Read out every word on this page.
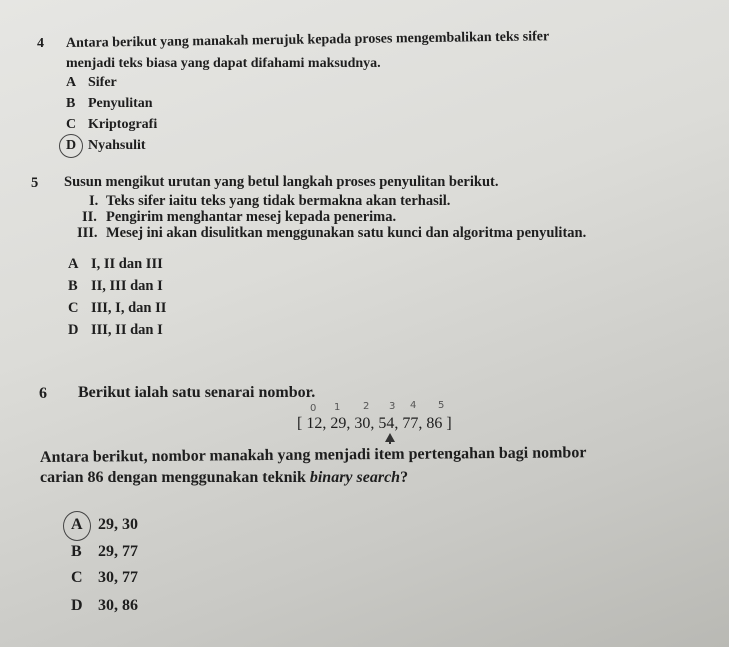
4 Antara berikut yang manakah merujuk kepada proses mengembalikan teks sifer
menjadi teks biasa yang dapat difahami maksudnya.
A Sifer
B Penyulitan
C Kriptografi
D Nyahsulit
5 Susun mengikut urutan yang betul langkah proses penyulitan berikut.
I. Teks sifer iaitu teks yang tidak bermakna akan terhasil.
II. Pengirim menghantar mesej kepada penerima.
III. Mesej ini akan disulitkan menggunakan satu kunci dan algoritma penyulitan.
A I, II dan III
B II, III dan I
C III, I, dan II
D III, II dan I
6 Berikut ialah satu senarai nombor.
0 1 2 3 4 5
[ 12, 29, 30, 54, 77, 86 ]
Antara berikut, nombor manakah yang menjadi item pertengahan bagi nombor
carian 86 dengan menggunakan teknik binary search?
A 29, 30
B 29, 77
C 30, 77
D 30, 86
